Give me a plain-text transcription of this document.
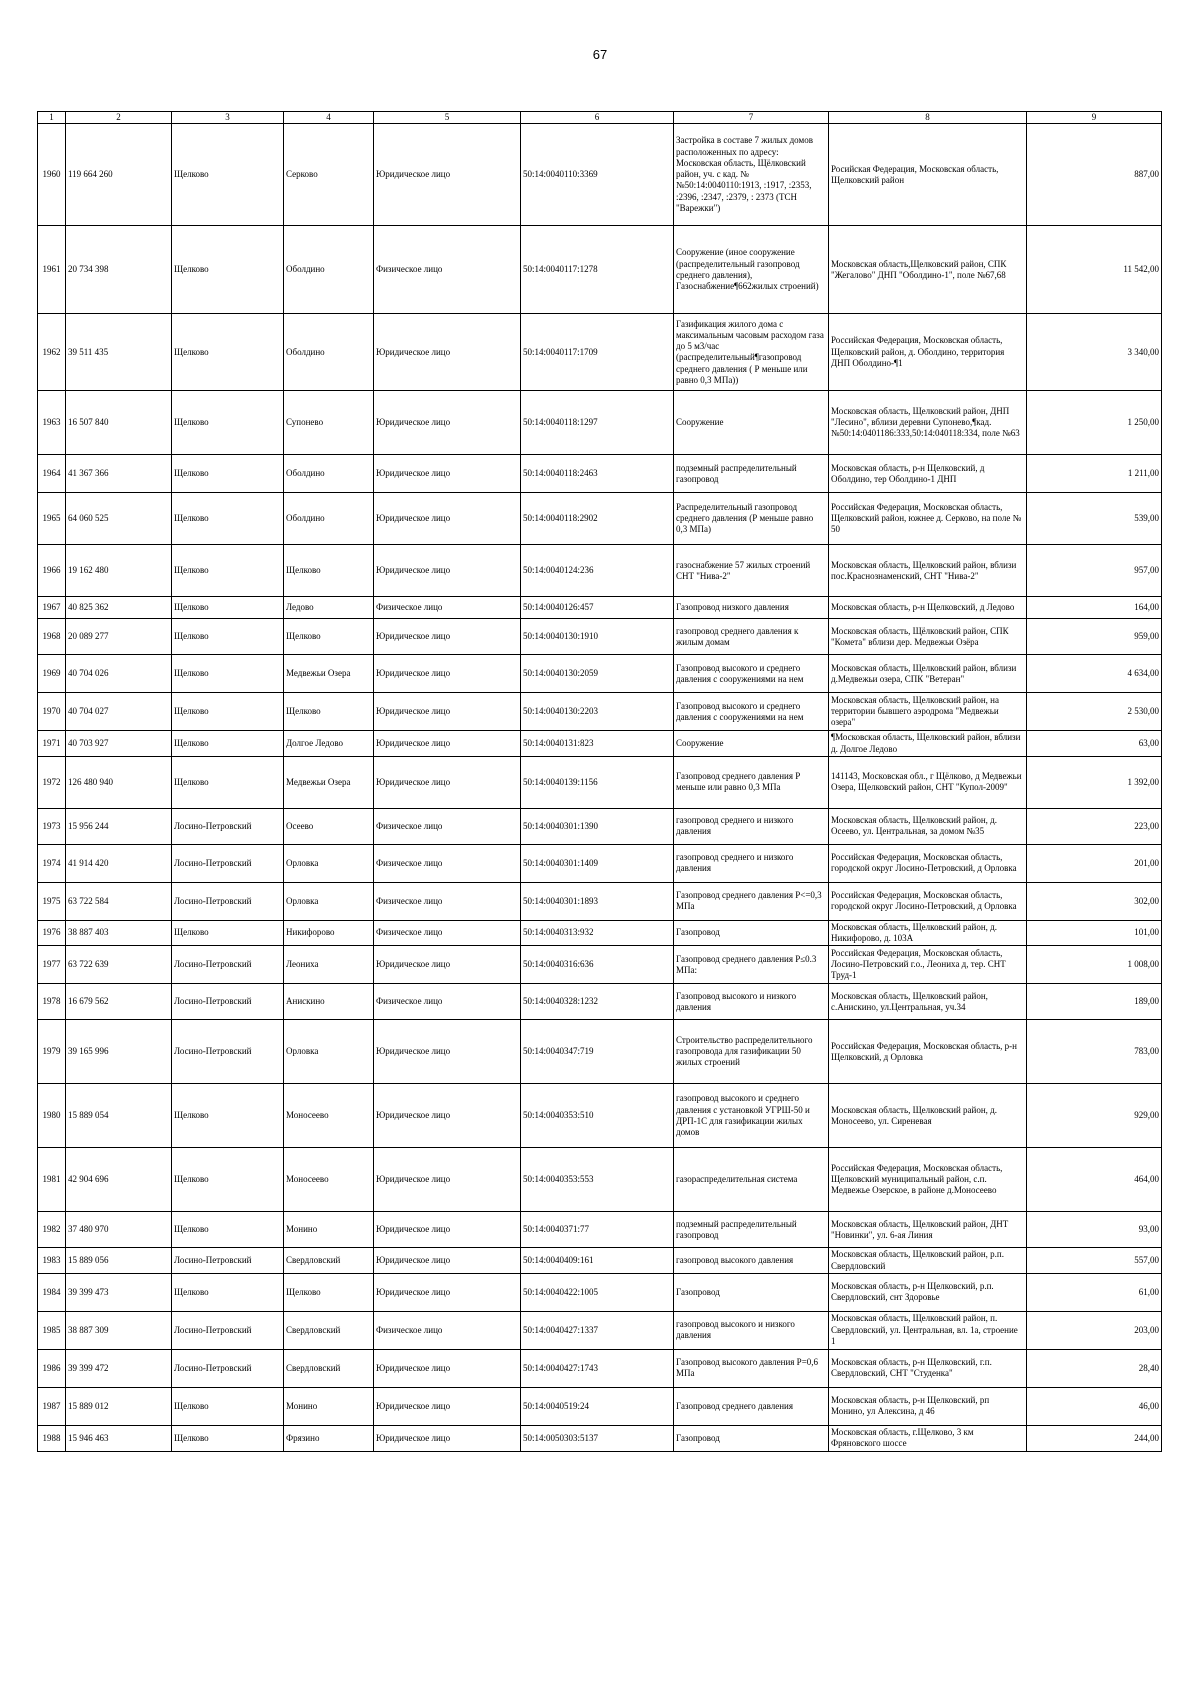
67
1	2	3	4	5	6	7	8	9
1960	119 664 260	Щелково	Серково	Юридическое лицо	50:14:0040110:3369	Застройка в составе 7 жилых домов расположенных по адресу: Московская область, Щёлковский район, уч. с кад. №№50:14:0040110:1913, :1917, :2353, :2396, :2347, :2379, : 2373 (ТСН "Варежки")	Росийская Федерация, Московская область, Щелковский район	887,00
1961	20 734 398	Щелково	Оболдино	Физическое лицо	50:14:0040117:1278	Сооружение (иное сооружение (распределительный газопровод среднего давления), Газоснабжение¶662жилых строений)	Московская область,Щелковский район, СПК "Жегалово" ДНП "Оболдино-1", поле №67,68	11 542,00
1962	39 511 435	Щелково	Оболдино	Юридическое лицо	50:14:0040117:1709	Газификация жилого дома с максимальным часовым расходом газа до 5 м3/час (распределительный¶газопровод среднего давления ( Р меньше или равно 0,3 МПа))	Российская Федерация, Московская область, Щелковский район, д. Оболдино, территория ДНП Оболдино-¶1	3 340,00
1963	16 507 840	Щелково	Супонево	Юридическое лицо	50:14:0040118:1297	Сооружение	Московская область, Щелковский район, ДНП "Лесино", вблизи деревни Супонево,¶кад.№50:14:0401186:333,50:14:040118:334, поле №63	1 250,00
1964	41 367 366	Щелково	Оболдино	Юридическое лицо	50:14:0040118:2463	подземный распределительный газопровод	Московская область, р-н Щелковский, д Оболдино, тер Оболдино-1 ДНП	1 211,00
1965	64 060 525	Щелково	Оболдино	Юридическое лицо	50:14:0040118:2902	Распределительный газопровод среднего давления (Р меньше равно 0,3 МПа)	Российская Федерация, Московская область, Щелковский район, южнее д. Серково, на поле № 50	539,00
1966	19 162 480	Щелково	Щелково	Юридическое лицо	50:14:0040124:236	газоснабжение 57 жилых строений СНТ "Нива-2"	Московская область, Щелковский район, вблизи пос.Краснознаменский, СНТ "Нива-2"	957,00
1967	40 825 362	Щелково	Ледово	Физическое лицо	50:14:0040126:457	Газопровод низкого давления	Московская область, р-н Щелковский, д Ледово	164,00
1968	20 089 277	Щелково	Щелково	Юридическое лицо	50:14:0040130:1910	газопровод среднего давления к жилым домам	Московская область, Щёлковский район, СПК "Комета" вблизи дер. Медвежьи Озёра	959,00
1969	40 704 026	Щелково	Медвежьи Озера	Юридическое лицо	50:14:0040130:2059	Газопровод высокого и среднего давления с сооружениями на нем	Московская область, Щелковский район, вблизи д.Медвежьи озера, СПК "Ветеран"	4 634,00
1970	40 704 027	Щелково	Щелково	Юридическое лицо	50:14:0040130:2203	Газопровод высокого и среднего давления с сооружениями на нем	Московская область, Щелковский район, на территории бывшего аэродрома "Медвежьи озера"	2 530,00
1971	40 703 927	Щелково	Долгое Ледово	Юридическое лицо	50:14:0040131:823	Сооружение	¶Московская область, Щелковский район, вблизи д. Долгое Ледово	63,00
1972	126 480 940	Щелково	Медвежьи Озера	Юридическое лицо	50:14:0040139:1156	Газопровод среднего давления Р меньше или равно 0,3 МПа	141143, Московская обл., г Щёлково, д Медвежьи Озера, Щелковский район, СНТ "Купол-2009"	1 392,00
1973	15 956 244	Лосино-Петровский	Осеево	Физическое лицо	50:14:0040301:1390	газопровод среднего и низкого давления	Московская область, Щелковский район, д. Осеево, ул. Центральная, за домом №35	223,00
1974	41 914 420	Лосино-Петровский	Орловка	Физическое лицо	50:14:0040301:1409	газопровод среднего и низкого давления	Российская Федерация, Московская область, городской округ Лосино-Петровский, д Орловка	201,00
1975	63 722 584	Лосино-Петровский	Орловка	Физическое лицо	50:14:0040301:1893	Газопровод среднего давления P<=0,3 МПа	Российская Федерация, Московская область, городской округ Лосино-Петровский, д Орловка	302,00
1976	38 887 403	Щелково	Никифорово	Физическое лицо	50:14:0040313:932	Газопровод	Московская область, Щелковский район, д. Никифорово, д. 103А	101,00
1977	63 722 639	Лосино-Петровский	Леониха	Юридическое лицо	50:14:0040316:636	Газопровод среднего давления Р≤0.3 МПа:	Российская Федерация, Московская область, Лосино-Петровский г.о., Леониха д, тер. СНТ Труд-1	1 008,00
1978	16 679 562	Лосино-Петровский	Анискино	Физическое лицо	50:14:0040328:1232	Газопровод высокого и низкого давления	Московская область, Щелковский район, с.Анискино, ул.Центральная, уч.34	189,00
1979	39 165 996	Лосино-Петровский	Орловка	Юридическое лицо	50:14:0040347:719	Строительство распределительного газопровода для газификации 50 жилых строений	Российская Федерация, Московская область, р-н Щелковский, д Орловка	783,00
1980	15 889 054	Щелково	Моносеево	Юридическое лицо	50:14:0040353:510	газопровод высокого и среднего давления с установкой УГРШ-50 и ДРП-1С для газификации жилых домов	Московская область, Щелковский район, д. Моносеево, ул. Сиреневая	929,00
1981	42 904 696	Щелково	Моносеево	Юридическое лицо	50:14:0040353:553	газораспределительная система	Российская Федерация, Московская область, Щелковский муниципальный район, с.п. Медвежье Озерское, в районе д.Моносеево	464,00
1982	37 480 970	Щелково	Монино	Юридическое лицо	50:14:0040371:77	подземный распределительный газопровод	Московская область, Щелковский район, ДНТ "Новинки", ул. 6-ая Линия	93,00
1983	15 889 056	Лосино-Петровский	Свердловский	Юридическое лицо	50:14:0040409:161	газопровод высокого давления	Московская область, Щелковский район, р.п. Свердловский	557,00
1984	39 399 473	Щелково	Щелково	Юридическое лицо	50:14:0040422:1005	Газопровод	Московская область, р-н Щелковский, р.п. Свердловский, снт Здоровье	61,00
1985	38 887 309	Лосино-Петровский	Свердловский	Физическое лицо	50:14:0040427:1337	газопровод высокого и низкого давления	Московская область, Щелковский район, п. Свердловский, ул. Центральная, вл. 1а, строение 1	203,00
1986	39 399 472	Лосино-Петровский	Свердловский	Юридическое лицо	50:14:0040427:1743	Газопровод высокого давления Р=0,6 МПа	Московская область, р-н Щелковский, г.п. Свердловский, СНТ "Студенка"	28,40
1987	15 889 012	Щелково	Монино	Юридическое лицо	50:14:0040519:24	Газопровод среднего давления	Московская область, р-н Щелковский, рп Монино, ул Алексина, д 46	46,00
1988	15 946 463	Щелково	Фрязино	Юридическое лицо	50:14:0050303:5137	Газопровод	Московская область, г.Щелково, 3 км Фряновского шоссе	244,00
